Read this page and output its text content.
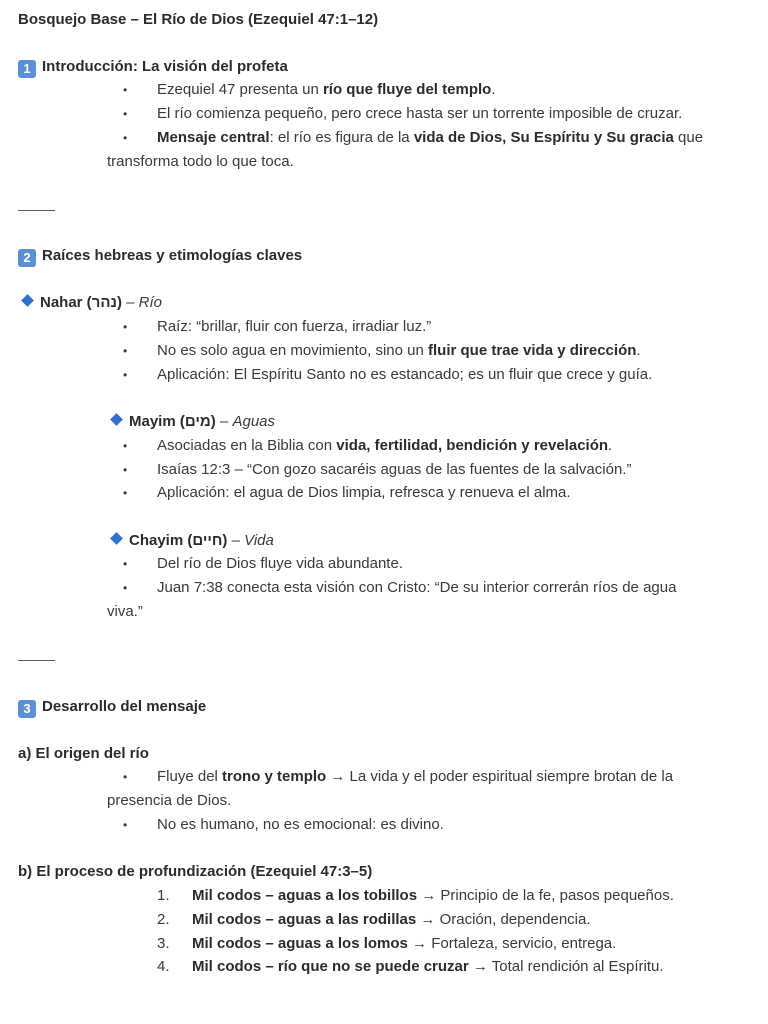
Bosquejo Base – El Río de Dios (Ezequiel 47:1–12)
1 Introducción: La visión del profeta
• Ezequiel 47 presenta un río que fluye del templo.
• El río comienza pequeño, pero crece hasta ser un torrente imposible de cruzar.
• Mensaje central: el río es figura de la vida de Dios, Su Espíritu y Su gracia que
transforma todo lo que toca.
2 Raíces hebreas y etimologías claves
Nahar (נהר) – Río
• Raíz: “brillar, fluir con fuerza, irradiar luz.”
• No es solo agua en movimiento, sino un fluir que trae vida y dirección.
• Aplicación: El Espíritu Santo no es estancado; es un fluir que crece y guía.
Mayim (מים) – Aguas
• Asociadas en la Biblia con vida, fertilidad, bendición y revelación.
• Isaías 12:3 – “Con gozo sacaréis aguas de las fuentes de la salvación.”
• Aplicación: el agua de Dios limpia, refresca y renueva el alma.
Chayim (חיים) – Vida
• Del río de Dios fluye vida abundante.
• Juan 7:38 conecta esta visión con Cristo: “De su interior correrán ríos de agua
viva.”
3 Desarrollo del mensaje
a) El origen del río
• Fluye del trono y templo → La vida y el poder espiritual siempre brotan de la
presencia de Dios.
• No es humano, no es emocional: es divino.
b) El proceso de profundización (Ezequiel 47:3–5)
1. Mil codos – aguas a los tobillos → Principio de la fe, pasos pequeños.
2. Mil codos – aguas a las rodillas → Oración, dependencia.
3. Mil codos – aguas a los lomos → Fortaleza, servicio, entrega.
4. Mil codos – río que no se puede cruzar → Total rendición al Espíritu.
